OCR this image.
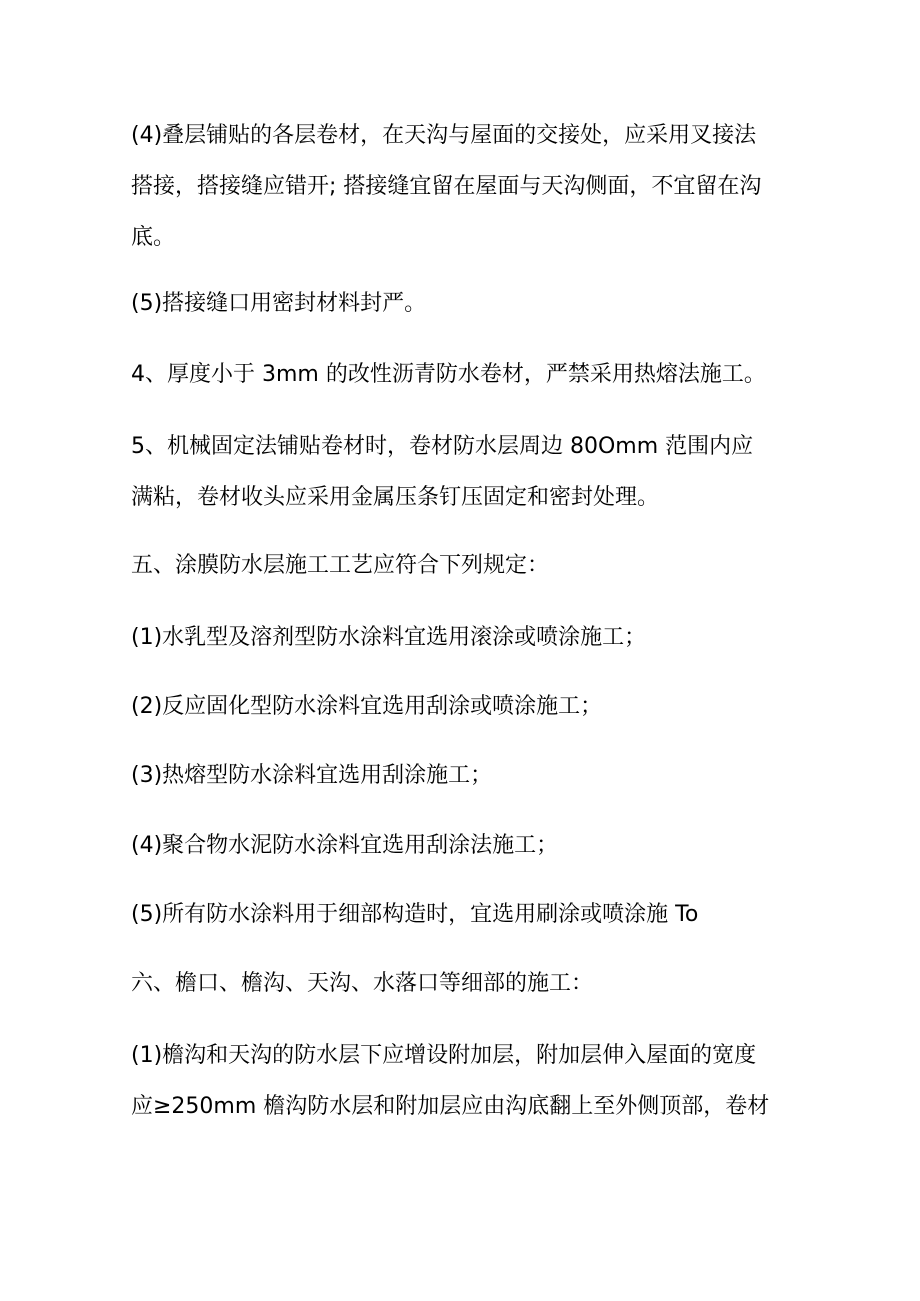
(4)叠层铺贴的各层卷材，在天沟与屋面的交接处，应采用叉接法
搭接，搭接缝应错开; 搭接缝宜留在屋面与天沟侧面，不宜留在沟
底。

(5)搭接缝口用密封材料封严。

4、厚度小于 3mm 的改性沥青防水卷材，严禁采用热熔法施工。

5、机械固定法铺贴卷材时，卷材防水层周边 80Omm 范围内应
满粘，卷材收头应采用金属压条钉压固定和密封处理。

五、涂膜防水层施工工艺应符合下列规定：

(1)水乳型及溶剂型防水涂料宜选用滚涂或喷涂施工；

(2)反应固化型防水涂料宜选用刮涂或喷涂施工；

(3)热熔型防水涂料宜选用刮涂施工；

(4)聚合物水泥防水涂料宜选用刮涂法施工；

(5)所有防水涂料用于细部构造时，宜选用刷涂或喷涂施 To

六、檐口、檐沟、天沟、水落口等细部的施工：

(1)檐沟和天沟的防水层下应增设附加层，附加层伸入屋面的宽度
应≥250mm 檐沟防水层和附加层应由沟底翻上至外侧顶部，卷材
